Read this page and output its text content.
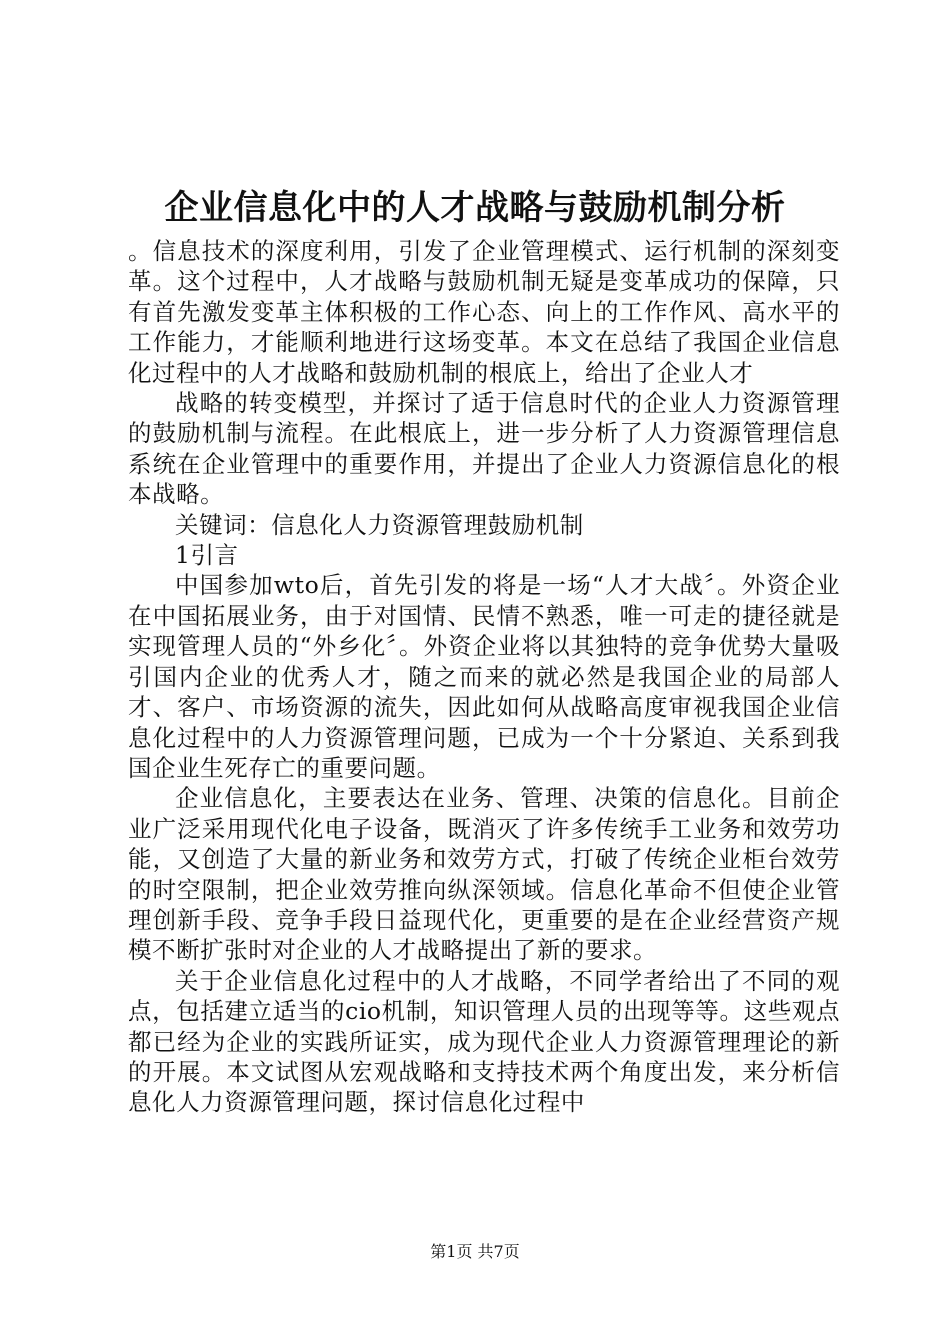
企业信息化中的人才战略与鼓励机制分析

。信息技术的深度利用，引发了企业管理模式、运行机制的深刻变革。这个过程中，人才战略与鼓励机制无疑是变革成功的保障，只有首先激发变革主体积极的工作心态、向上的工作作风、高水平的工作能力，才能顺利地进行这场变革。本文在总结了我国企业信息化过程中的人才战略和鼓励机制的根底上，给出了企业人才

战略的转变模型，并探讨了适于信息时代的企业人力资源管理的鼓励机制与流程。在此根底上，进一步分析了人力资源管理信息系统在企业管理中的重要作用，并提出了企业人力资源信息化的根本战略。

关键词：信息化人力资源管理鼓励机制

1引言

中国参加wto后，首先引发的将是一场“人才大战〞。外资企业在中国拓展业务，由于对国情、民情不熟悉，唯一可走的捷径就是实现管理人员的“外乡化〞。外资企业将以其独特的竞争优势大量吸引国内企业的优秀人才，随之而来的就必然是我国企业的局部人才、客户、市场资源的流失，因此如何从战略高度审视我国企业信息化过程中的人力资源管理问题，已成为一个十分紧迫、关系到我国企业生死存亡的重要问题。

企业信息化，主要表达在业务、管理、决策的信息化。目前企业广泛采用现代化电子设备，既消灭了许多传统手工业务和效劳功能，又创造了大量的新业务和效劳方式，打破了传统企业柜台效劳的时空限制，把企业效劳推向纵深领域。信息化革命不但使企业管理创新手段、竞争手段日益现代化，更重要的是在企业经营资产规模不断扩张时对企业的人才战略提出了新的要求。

关于企业信息化过程中的人才战略，不同学者给出了不同的观点，包括建立适当的cio机制，知识管理人员的出现等等。这些观点都已经为企业的实践所证实，成为现代企业人力资源管理理论的新的开展。本文试图从宏观战略和支持技术两个角度出发，来分析信息化人力资源管理问题，探讨信息化过程中

第1页 共7页
